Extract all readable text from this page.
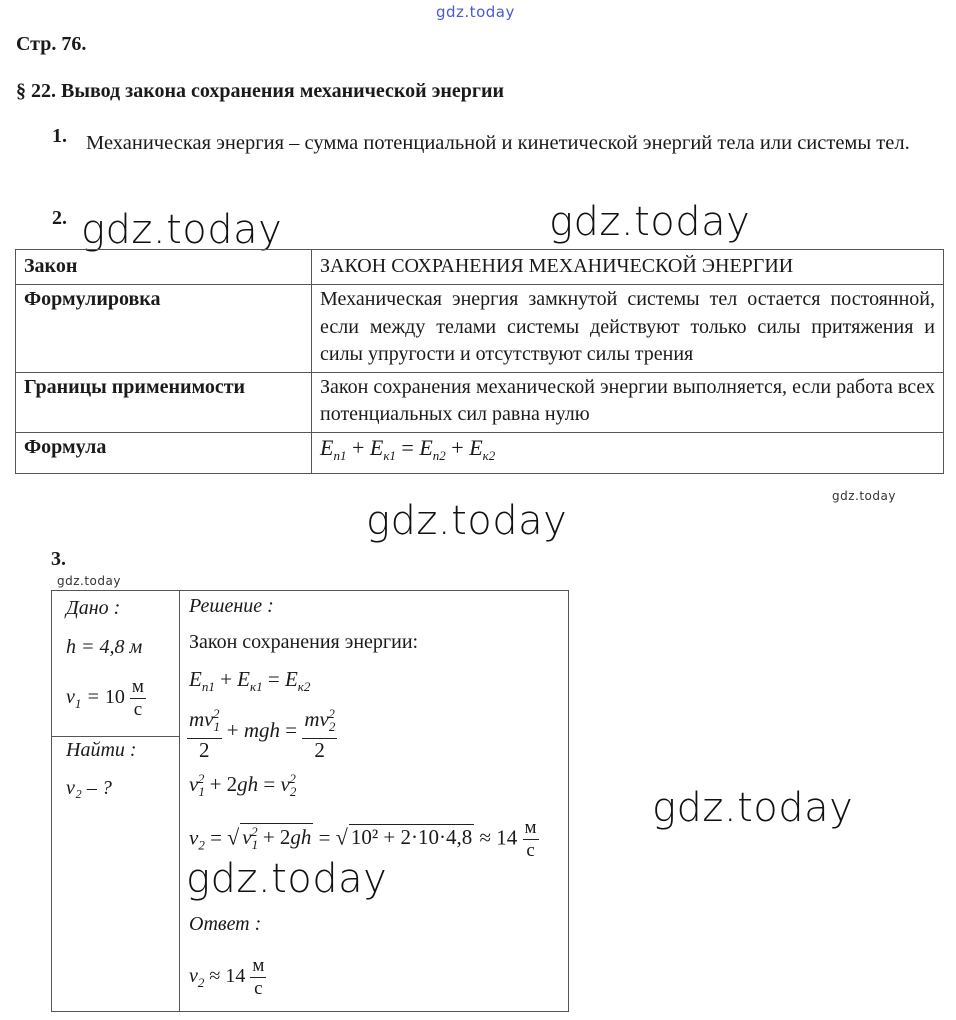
gdz.today
Стр. 76.
§ 22. Вывод закона сохранения механической энергии
1. Механическая энергия – сумма потенциальной и кинетической энергий тела или системы тел.
2. gdz.today	gdz.today
Закон	ЗАКОН СОХРАНЕНИЯ МЕХАНИЧЕСКОЙ ЭНЕРГИИ
Формулировка	Механическая энергия замкнутой системы тел остается постоянной, если между телами системы действуют только силы притяжения и силы упругости и отсутствуют силы трения
Границы применимости	Закон сохранения механической энергии выполняется, если работа всех потенциальных сил равна нулю
Формула	$E_{п1} + E_{к1} = E_{п2} + E_{к2}$
gdz.today
gdz.today
3.
gdz.today
Дано :
h = 4,8 м
$v_1 = 10 \frac{м}{с}$
Найти :
v₂ – ?
Решение :
Закон сохранения энергии:
$E_{п1} + E_{к1} = E_{к2}$
$\frac{mv_1^2}{2}$ + mgh = $\frac{mv_2^2}{2}$
$v_1^2 + 2gh = v_2^2$
$v_2$ = √ $v_1^2 + 2gh$ = √ $10^2 + 2\cdot 10\cdot 4,8 \approx 14 \frac{м}{с}$
Ответ :
$v_2 \approx 14 \frac{м}{с}$
gdz.today
gdz.today
